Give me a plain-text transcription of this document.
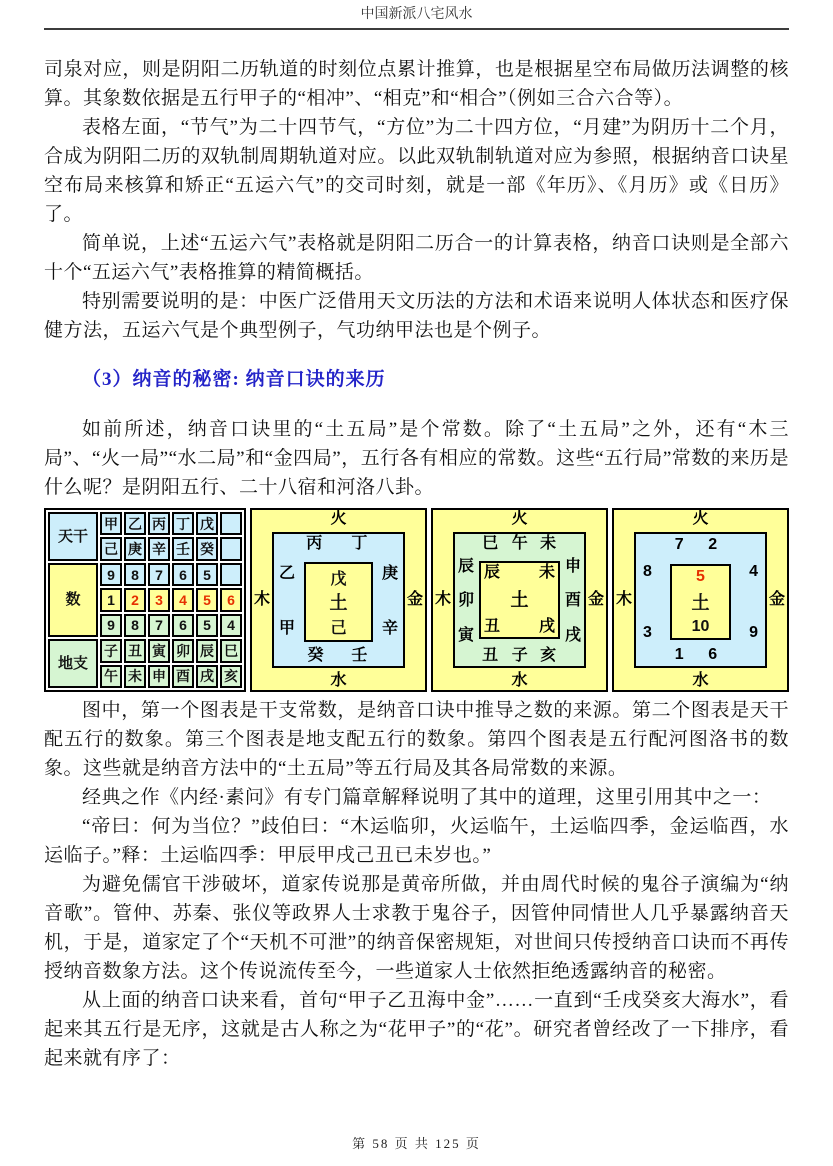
中国新派八宅风水

司泉对应，则是阴阳二历轨道的时刻位点累计推算，也是根据星空布局做历法调整的核算。其象数依据是五行甲子的“相冲”、“相克”和“相合”（例如三合六合等）。

表格左面，“节气”为二十四节气，“方位”为二十四方位，“月建”为阴历十二个月，合成为阴阳二历的双轨制周期轨道对应。以此双轨制轨道对应为参照，根据纳音口诀星空布局来核算和矫正“五运六气”的交司时刻，就是一部《年历》、《月历》或《日历》了。

简单说，上述“五运六气”表格就是阴阳二历合一的计算表格，纳音口诀则是全部六十个“五运六气”表格推算的精简概括。

特别需要说明的是：中医广泛借用天文历法的方法和术语来说明人体状态和医疗保健方法，五运六气是个典型例子，气功纳甲法也是个例子。

（3）纳音的秘密: 纳音口诀的来历

如前所述，纳音口诀里的“土五局”是个常数。除了“土五局”之外，还有“木三局”、“火一局”“水二局”和“金四局”，五行各有相应的常数。这些“五行局”常数的来历是什么呢？是阴阳五行、二十八宿和河洛八卦。

天干	甲	乙	丙	丁	戊	
	己	庚	辛	壬	癸	
数	9	8	7	6	5	
	1	2	3	4	5	6
	9	8	7	6	5	4
地支	子	丑	寅	卯	辰	巳
	午	未	申	酉	戌	亥
火
木	金
水
丙 丁
乙
甲
庚
辛
癸 壬
戊
土
己
火
木	金
水
巳 午 未
辰
卯
寅
申
酉
戌
丑 子 亥
辰 未
丑 戌
土
火
木	金
水
7 2
8
3
4
9
1 6
5
土
10

图中，第一个图表是干支常数，是纳音口诀中推导之数的来源。第二个图表是天干配五行的数象。第三个图表是地支配五行的数象。第四个图表是五行配河图洛书的数象。这些就是纳音方法中的“土五局”等五行局及其各局常数的来源。

经典之作《内经·素问》有专门篇章解释说明了其中的道理，这里引用其中之一：

“帝曰：何为当位？”歧伯曰：“木运临卯，火运临午，土运临四季，金运临酉，水运临子。”释：土运临四季：甲辰甲戌己丑已未岁也。”

为避免儒官干涉破坏，道家传说那是黄帝所做，并由周代时候的鬼谷子演编为“纳音歌”。管仲、苏秦、张仪等政界人士求教于鬼谷子，因管仲同情世人几乎暴露纳音天机，于是，道家定了个“天机不可泄”的纳音保密规矩，对世间只传授纳音口诀而不再传授纳音数象方法。这个传说流传至今，一些道家人士依然拒绝透露纳音的秘密。

从上面的纳音口诀来看，首句“甲子乙丑海中金”……一直到“壬戌癸亥大海水”，看起来其五行是无序，这就是古人称之为“花甲子”的“花”。研究者曾经改了一下排序，看起来就有序了：

第 58 页 共 125 页
